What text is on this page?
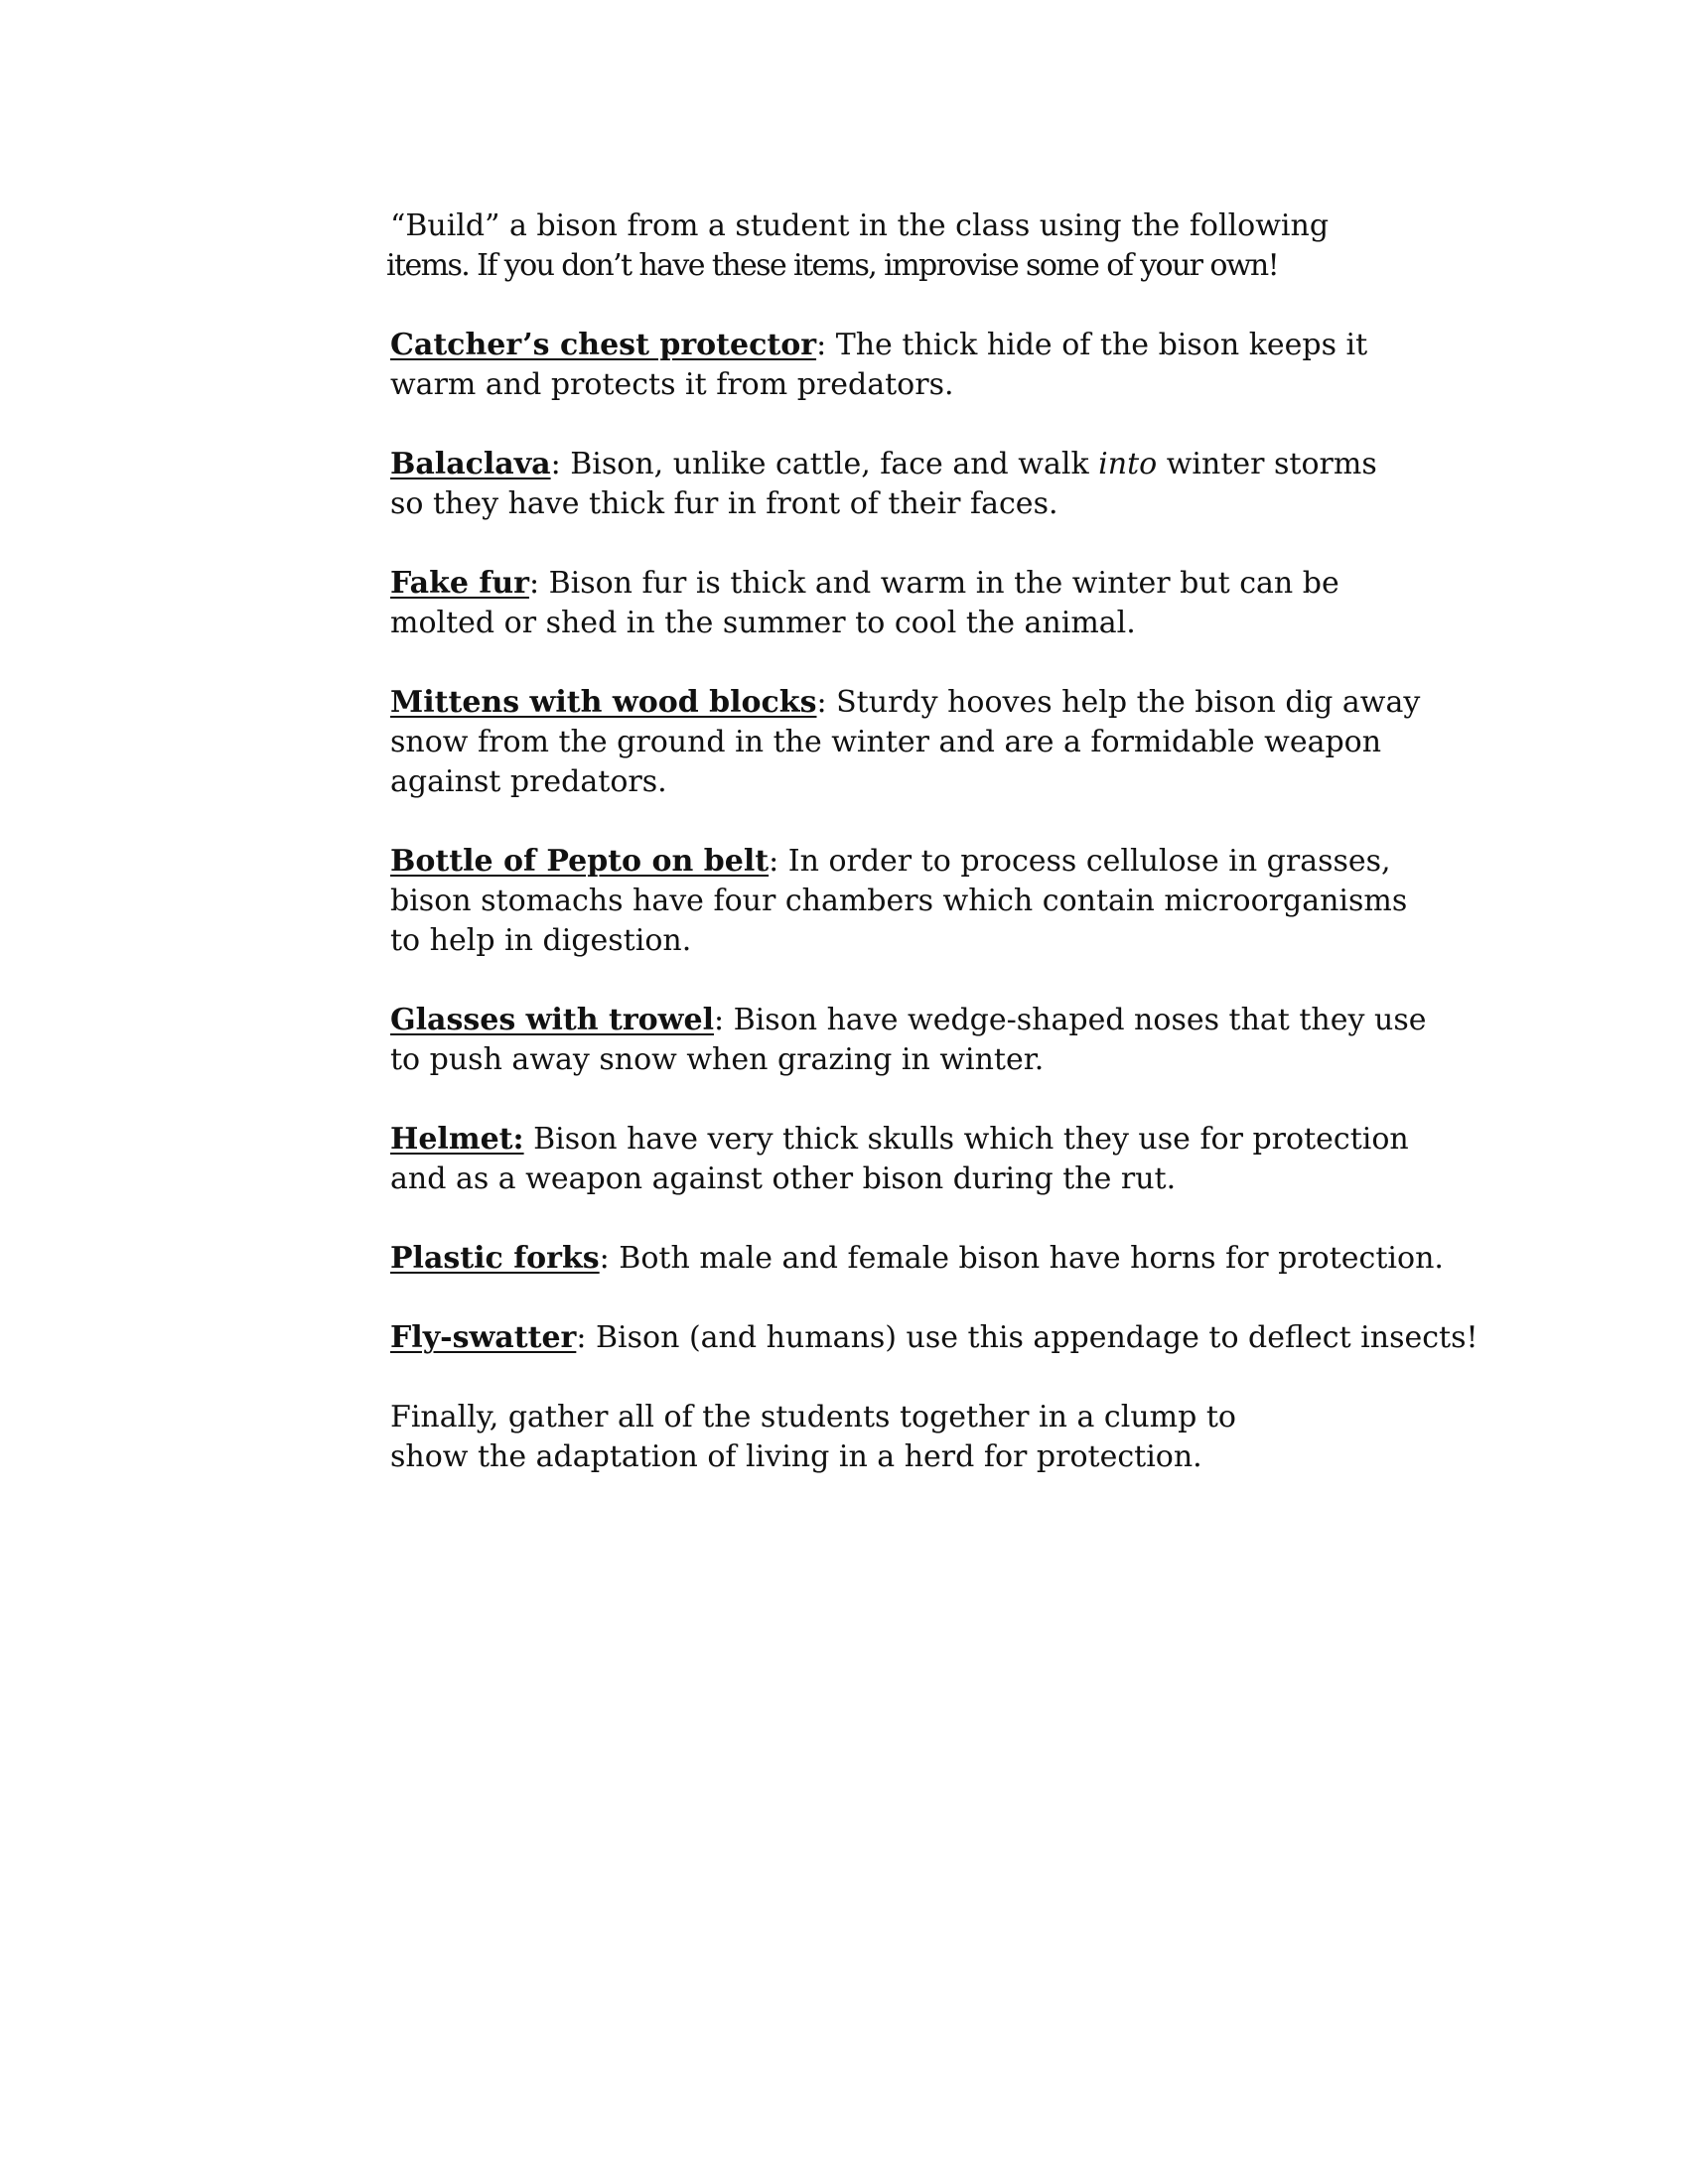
“Build” a bison from a student in the class using the following
items. If you don’t have these items, improvise some of your own!

Catcher’s chest protector: The thick hide of the bison keeps it
warm and protects it from predators.

Balaclava: Bison, unlike cattle, face and walk into winter storms
so they have thick fur in front of their faces.

Fake fur: Bison fur is thick and warm in the winter but can be
molted or shed in the summer to cool the animal.

Mittens with wood blocks: Sturdy hooves help the bison dig away
snow from the ground in the winter and are a formidable weapon
against predators.

Bottle of Pepto on belt: In order to process cellulose in grasses,
bison stomachs have four chambers which contain microorganisms
to help in digestion.

Glasses with trowel: Bison have wedge-shaped noses that they use
to push away snow when grazing in winter.

Helmet: Bison have very thick skulls which they use for protection
and as a weapon against other bison during the rut.

Plastic forks: Both male and female bison have horns for protection.

Fly-swatter: Bison (and humans) use this appendage to deflect insects!

Finally, gather all of the students together in a clump to
show the adaptation of living in a herd for protection.
